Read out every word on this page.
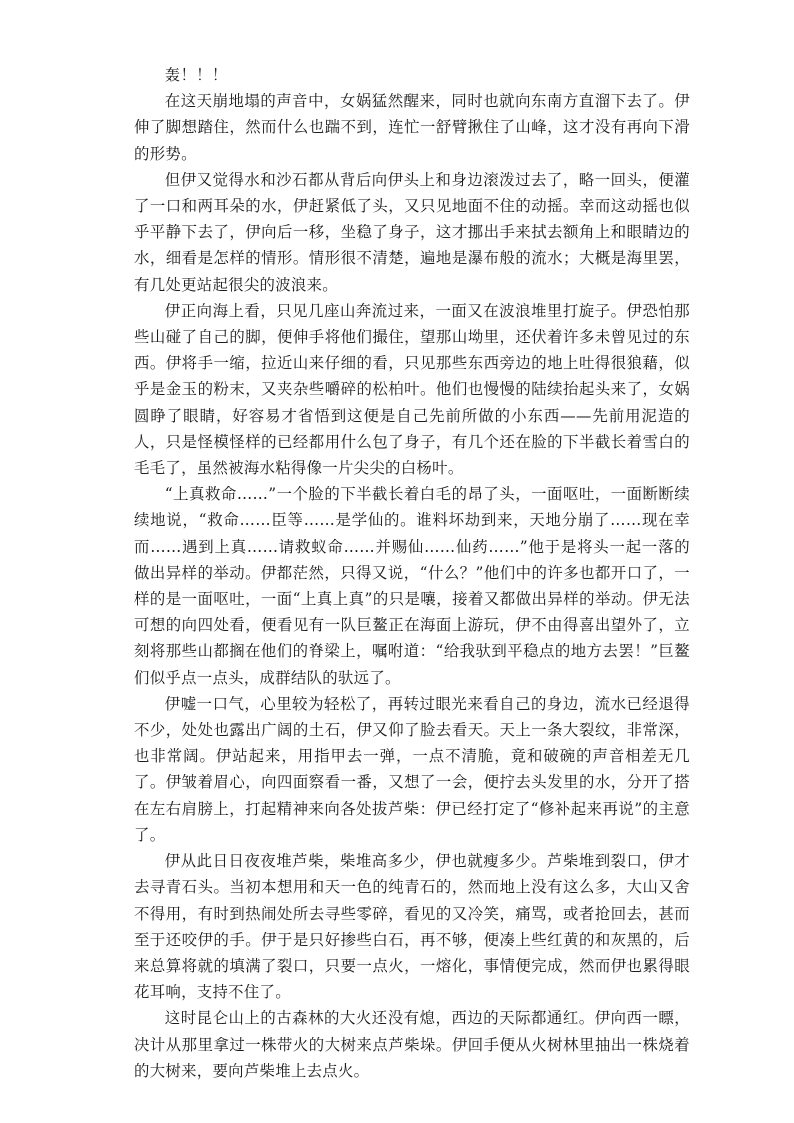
轰！！！

在这天崩地塌的声音中，女娲猛然醒来，同时也就向东南方直溜下去了。伊伸了脚想踏住，然而什么也踹不到，连忙一舒臂揪住了山峰，这才没有再向下滑的形势。

但伊又觉得水和沙石都从背后向伊头上和身边滚泼过去了，略一回头，便灌了一口和两耳朵的水，伊赶紧低了头，又只见地面不住的动摇。幸而这动摇也似乎平静下去了，伊向后一移，坐稳了身子，这才挪出手来拭去额角上和眼睛边的水，细看是怎样的情形。情形很不清楚，遍地是瀑布般的流水；大概是海里罢，有几处更站起很尖的波浪来。

伊正向海上看，只见几座山奔流过来，一面又在波浪堆里打旋子。伊恐怕那些山碰了自己的脚，便伸手将他们撮住，望那山坳里，还伏着许多未曾见过的东西。伊将手一缩，拉近山来仔细的看，只见那些东西旁边的地上吐得很狼藉，似乎是金玉的粉末，又夹杂些嚼碎的松柏叶。他们也慢慢的陆续抬起头来了，女娲圆睁了眼睛，好容易才省悟到这便是自己先前所做的小东西——先前用泥造的人，只是怪模怪样的已经都用什么包了身子，有几个还在脸的下半截长着雪白的毛毛了，虽然被海水粘得像一片尖尖的白杨叶。

“上真救命……”一个脸的下半截长着白毛的昂了头，一面呕吐，一面断断续续地说，“救命……臣等……是学仙的。谁料坏劫到来，天地分崩了……现在幸而……遇到上真……请救蚁命……并赐仙……仙药……”他于是将头一起一落的做出异样的举动。伊都茫然，只得又说，“什么？”他们中的许多也都开口了，一样的是一面呕吐，一面“上真上真”的只是嚷，接着又都做出异样的举动。伊无法可想的向四处看，便看见有一队巨鳌正在海面上游玩，伊不由得喜出望外了，立刻将那些山都搁在他们的脊梁上，嘱咐道：“给我驮到平稳点的地方去罢！”巨鳌们似乎点一点头，成群结队的驮远了。

伊嘘一口气，心里较为轻松了，再转过眼光来看自己的身边，流水已经退得不少，处处也露出广阔的土石，伊又仰了脸去看天。天上一条大裂纹，非常深，也非常阔。伊站起来，用指甲去一弹，一点不清脆，竟和破碗的声音相差无几了。伊皱着眉心，向四面察看一番，又想了一会，便拧去头发里的水，分开了搭在左右肩膀上，打起精神来向各处拔芦柴：伊已经打定了“修补起来再说”的主意了。

伊从此日日夜夜堆芦柴，柴堆高多少，伊也就瘦多少。芦柴堆到裂口，伊才去寻青石头。当初本想用和天一色的纯青石的，然而地上没有这么多，大山又舍不得用，有时到热闹处所去寻些零碎，看见的又冷笑，痛骂，或者抢回去，甚而至于还咬伊的手。伊于是只好掺些白石，再不够，便凑上些红黄的和灰黑的，后来总算将就的填满了裂口，只要一点火，一熔化，事情便完成，然而伊也累得眼花耳响，支持不住了。

这时昆仑山上的古森林的大火还没有熄，西边的天际都通红。伊向西一瞟，决计从那里拿过一株带火的大树来点芦柴垛。伊回手便从火树林里抽出一株烧着的大树来，要向芦柴堆上去点火。
